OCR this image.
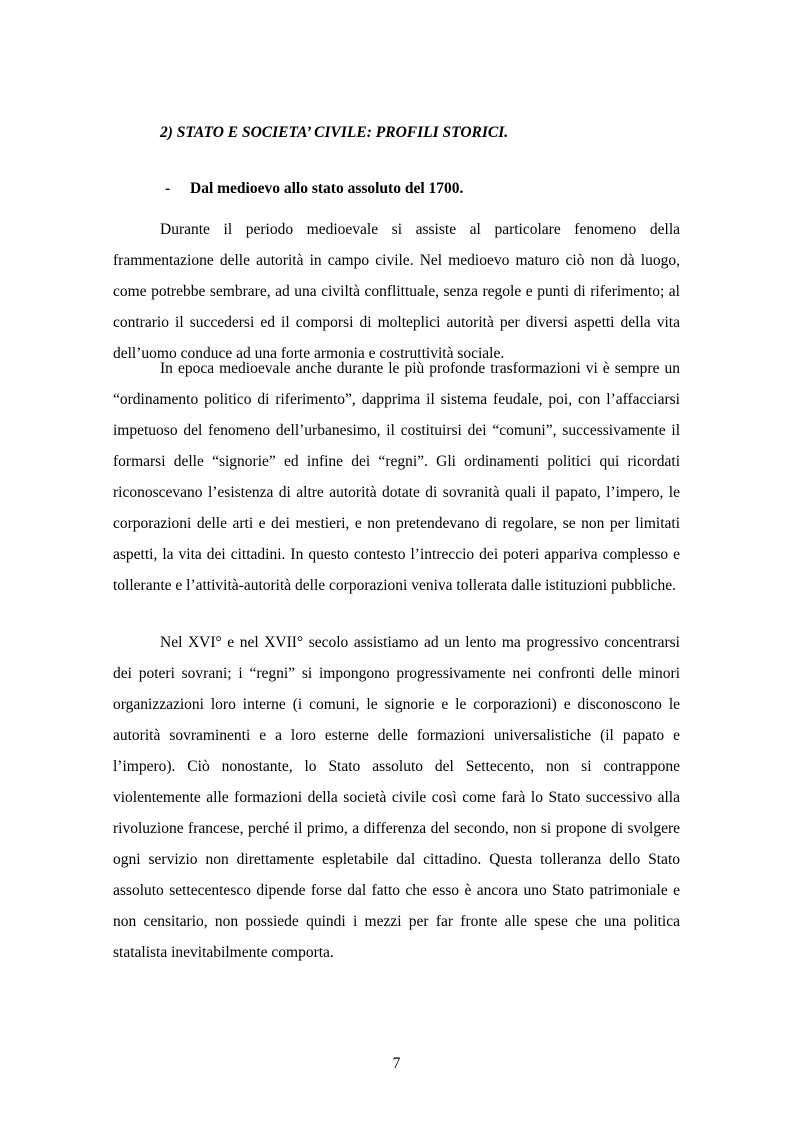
2) STATO E SOCIETA’ CIVILE: PROFILI STORICI.
- Dal medioevo allo stato assoluto del 1700.

Durante il periodo medioevale si assiste al particolare fenomeno della frammentazione delle autorità in campo civile. Nel medioevo maturo ciò non dà luogo, come potrebbe sembrare, ad una civiltà conflittuale, senza regole e punti di riferimento; al contrario il succedersi ed il comporsi di molteplici autorità per diversi aspetti della vita dell’uomo conduce ad una forte armonia e costruttività sociale.

In epoca medioevale anche durante le più profonde trasformazioni vi è sempre un “ordinamento politico di riferimento”, dapprima il sistema feudale, poi, con l’affacciarsi impetuoso del fenomeno dell’urbanesimo, il costituirsi dei “comuni”, successivamente il formarsi delle “signorie” ed infine dei “regni”. Gli ordinamenti politici qui ricordati riconoscevano l’esistenza di altre autorità dotate di sovranità quali il papato, l’impero, le corporazioni delle arti e dei mestieri, e non pretendevano di regolare, se non per limitati aspetti, la vita dei cittadini. In questo contesto l’intreccio dei poteri appariva complesso e tollerante e l’attività-autorità delle corporazioni veniva tollerata dalle istituzioni pubbliche.

Nel XVI° e nel XVII° secolo assistiamo ad un lento ma progressivo concentrarsi dei poteri sovrani; i “regni” si impongono progressivamente nei confronti delle minori organizzazioni loro interne (i comuni, le signorie e le corporazioni) e disconoscono le autorità sovraminenti e a loro esterne delle formazioni universalistiche (il papato e l’impero). Ciò nonostante, lo Stato assoluto del Settecento, non si contrappone violentemente alle formazioni della società civile così come farà lo Stato successivo alla rivoluzione francese, perché il primo, a differenza del secondo, non si propone di svolgere ogni servizio non direttamente espletabile dal cittadino. Questa tolleranza dello Stato assoluto settecentesco dipende forse dal fatto che esso è ancora uno Stato patrimoniale e non censitario, non possiede quindi i mezzi per far fronte alle spese che una politica statalista inevitabilmente comporta.

7
